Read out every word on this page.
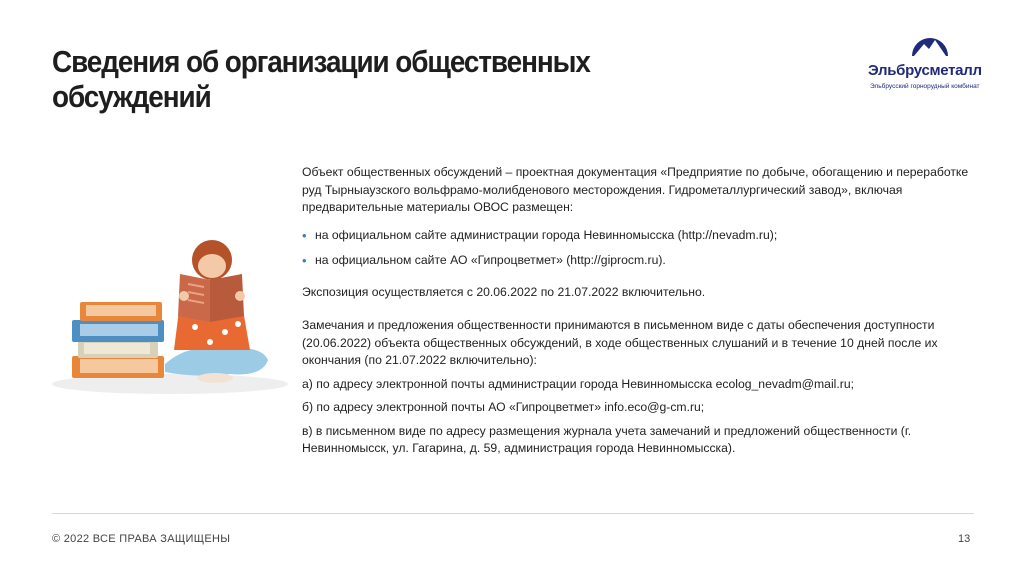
Сведения об организации общественных обсуждений
Эльбрусметалл
Эльбрусский горнорудный комбинат

Объект общественных обсуждений – проектная документация «Предприятие по добыче, обогащению и переработке руд Тырныаузского вольфрамо-молибденового месторождения. Гидрометаллургический завод», включая предварительные материалы ОВОС размещен:

• на официальном сайте администрации города Невинномысска (http://nevadm.ru);

• на официальном сайте АО «Гипроцветмет» (http://giprocm.ru).

Экспозиция осуществляется с 20.06.2022 по 21.07.2022 включительно.

Замечания и предложения общественности принимаются в письменном виде с даты обеспечения доступности (20.06.2022) объекта общественных обсуждений, в ходе общественных слушаний и в течение 10 дней после их окончания (по 21.07.2022 включительно):

а) по адресу электронной почты администрации города Невинномысска ecolog_nevadm@mail.ru;

б) по адресу электронной почты АО «Гипроцветмет» info.eco@g-cm.ru;

в) в письменном виде по адресу размещения журнала учета замечаний и предложений общественности (г. Невинномысск, ул. Гагарина, д. 59, администрация города Невинномысска).

© 2022 ВСЕ ПРАВА ЗАЩИЩЕНЫ	13
